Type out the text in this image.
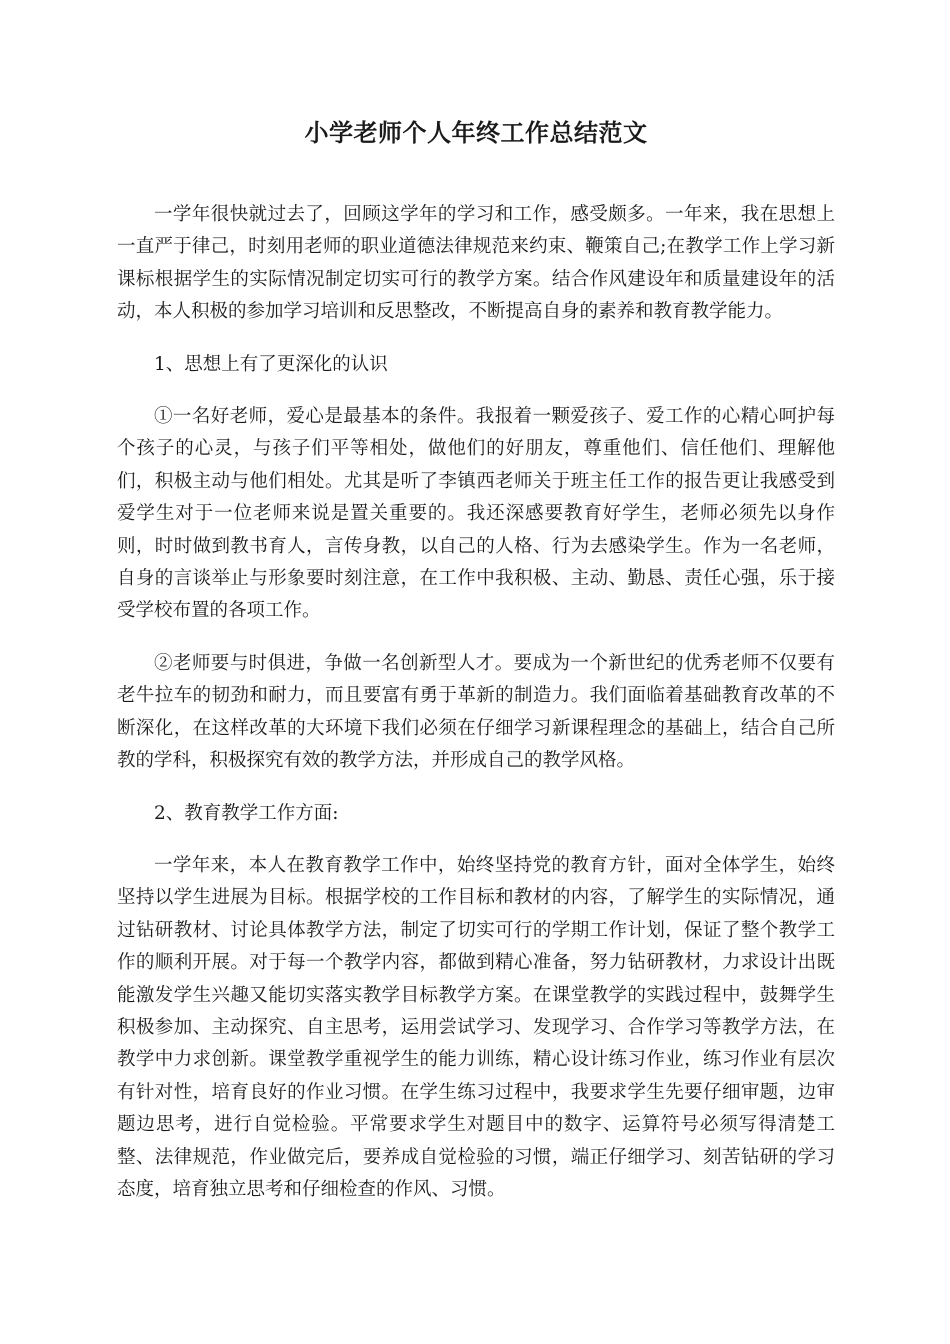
小学老师个人年终工作总结范文

一学年很快就过去了，回顾这学年的学习和工作，感受颇多。一年来，我在思想上一直严于律己，时刻用老师的职业道德法律规范来约束、鞭策自己;在教学工作上学习新课标根据学生的实际情况制定切实可行的教学方案。结合作风建设年和质量建设年的活动，本人积极的参加学习培训和反思整改，不断提高自身的素养和教育教学能力。

1、思想上有了更深化的认识

①一名好老师，爱心是最基本的条件。我报着一颗爱孩子、爱工作的心精心呵护每个孩子的心灵，与孩子们平等相处，做他们的好朋友，尊重他们、信任他们、理解他们，积极主动与他们相处。尤其是听了李镇西老师关于班主任工作的报告更让我感受到爱学生对于一位老师来说是置关重要的。我还深感要教育好学生，老师必须先以身作则，时时做到教书育人，言传身教，以自己的人格、行为去感染学生。作为一名老师，自身的言谈举止与形象要时刻注意，在工作中我积极、主动、勤恳、责任心强，乐于接受学校布置的各项工作。

②老师要与时俱进，争做一名创新型人才。要成为一个新世纪的优秀老师不仅要有老牛拉车的韧劲和耐力，而且要富有勇于革新的制造力。我们面临着基础教育改革的不断深化，在这样改革的大环境下我们必须在仔细学习新课程理念的基础上，结合自己所教的学科，积极探究有效的教学方法，并形成自己的教学风格。

2、教育教学工作方面:

一学年来，本人在教育教学工作中，始终坚持党的教育方针，面对全体学生，始终坚持以学生进展为目标。根据学校的工作目标和教材的内容，了解学生的实际情况，通过钻研教材、讨论具体教学方法，制定了切实可行的学期工作计划，保证了整个教学工作的顺利开展。对于每一个教学内容，都做到精心准备，努力钻研教材，力求设计出既能激发学生兴趣又能切实落实教学目标教学方案。在课堂教学的实践过程中，鼓舞学生积极参加、主动探究、自主思考，运用尝试学习、发现学习、合作学习等教学方法，在教学中力求创新。课堂教学重视学生的能力训练，精心设计练习作业，练习作业有层次有针对性，培育良好的作业习惯。在学生练习过程中，我要求学生先要仔细审题，边审题边思考，进行自觉检验。平常要求学生对题目中的数字、运算符号必须写得清楚工整、法律规范，作业做完后，要养成自觉检验的习惯，端正仔细学习、刻苦钻研的学习态度，培育独立思考和仔细检查的作风、习惯。
